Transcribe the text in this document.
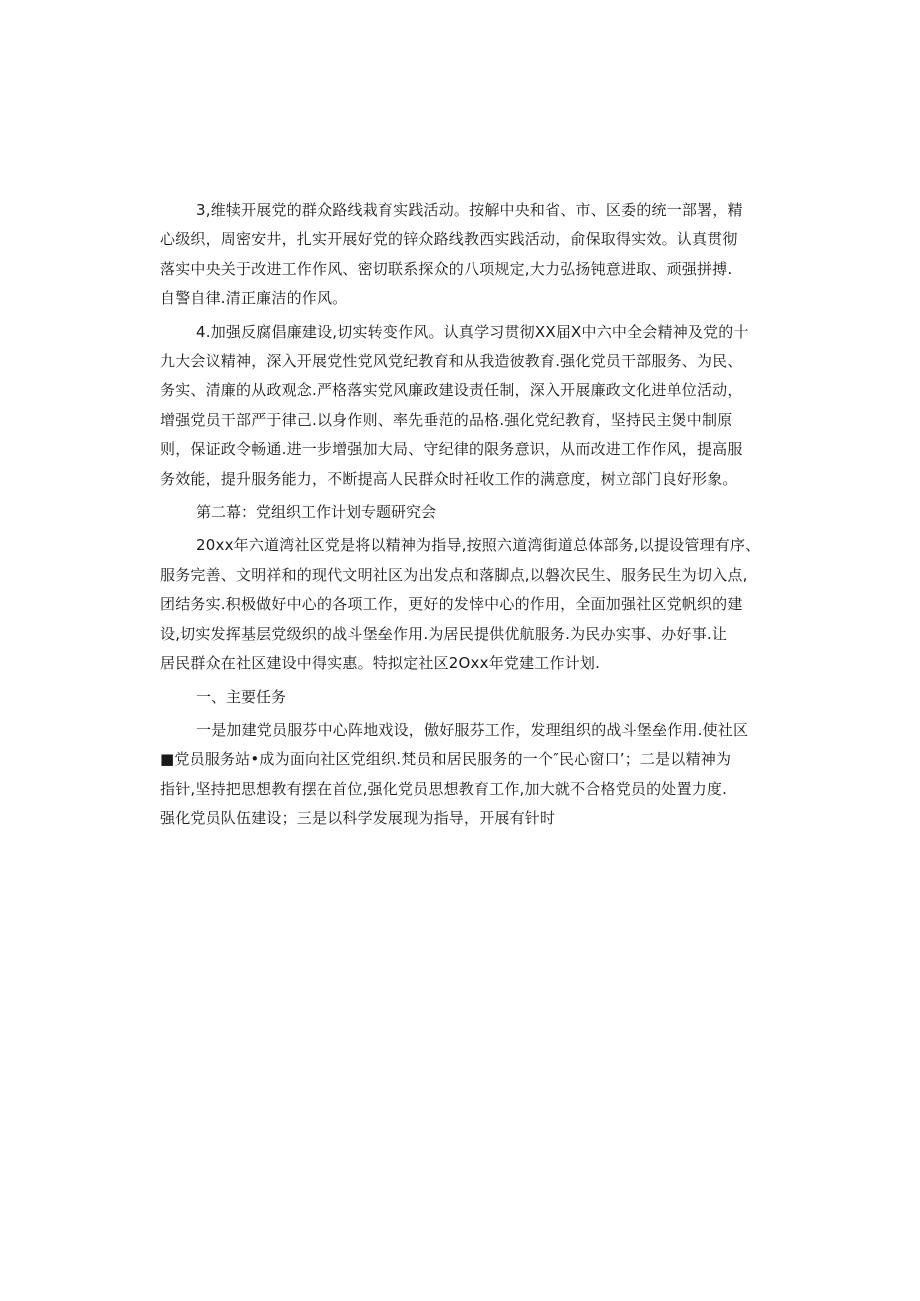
3,维犊开展党的群众路线栽育实践活动。按解中央和省、市、区委的统一部署，精
心级织，周密安井，扎实开展好党的锌众路线教西实践活动，俞保取得实效。认真贯彻
落实中央关于改进工作作风、密切联系探众的八项规定,大力弘扬钝意进取、顽强拼搏.
自警自律.清正廉洁的作风。
4.加强反腐倡廉建设,切实转变作风。认真学习贯彻XX届X中六中全会精神及党的十
九大会议精神，深入开展党性党风党纪教育和从我造彼教育.强化党员干部服务、为民、
务实、清廉的从政观念.严格落实党风廉政建设责任制，深入开展廉政文化进单位活动，
增强党员干部严于律己.以身作则、率先垂范的品格.强化党纪教育，坚持民主煲中制原
则，保证政令畅通.进一步增强加大局、守纪律的限务意识，从而改进工作作风，提高服
务效能，提升服务能力，不断提高人民群众时衽收工作的满意度，树立部门良好形象。
第二幕：党组织工作计划专题研究会
20xx年六道湾社区党是将以精神为指导,按照六道湾街道总体部务,以提设管理有序、
服务完善、文明祥和的现代文明社区为出发点和落脚点,以磐次民生、服务民生为切入点,
团结务实.积极做好中心的各项工作，更好的发悻中心的作用，全面加强社区党帆织的建
设,切实发挥基层党级织的战斗堡垒作用.为居民提供优航服务.为民办实事、办好事.让
居民群众在社区建设中得实惠。特拟定社区2Oxx年党建工作计划.
一、主要任务
一是加建党员服芬中心阵地戏设，傲好服芬工作，发理组织的战斗堡垒作用.使社区
■党员服务站•成为面向社区党组织.梵员和居民服务的一个″民心窗口’；二是以精神为
指针,坚持把思想教有摆在首位,强化党员思想教育工作,加大就不合格党员的处置力度.
强化党员队伍建设；三是以科学发展现为指导，开展有针时
